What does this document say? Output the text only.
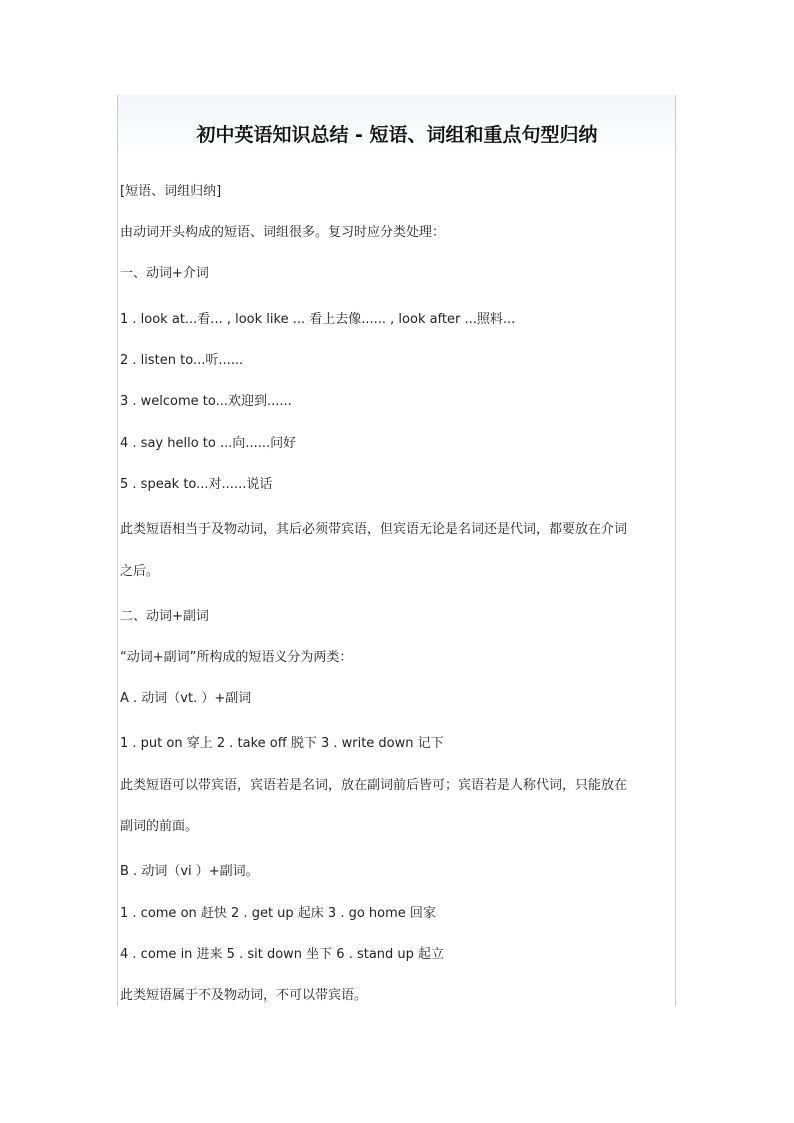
初中英语知识总结 - 短语、词组和重点句型归纳
[短语、词组归纳]
由动词开头构成的短语、词组很多。复习时应分类处理：
一、动词+介词
1 . look at...看... , look like ... 看上去像...... , look after ...照料...
2 . listen to...听......
3 . welcome to...欢迎到......
4 . say hello to ...向......问好
5 . speak to...对......说话
此类短语相当于及物动词，其后必须带宾语，但宾语无论是名词还是代词，都要放在介词
之后。
二、动词+副词
“动词+副词”所构成的短语义分为两类：
A . 动词（vt. ）+副词
1 . put on 穿上 2 . take off 脱下 3 . write down 记下
此类短语可以带宾语，宾语若是名词，放在副词前后皆可；宾语若是人称代词，只能放在
副词的前面。
B . 动词（vi ）+副词。
1 . come on 赶快 2 . get up 起床 3 . go home 回家
4 . come in 进来 5 . sit down 坐下 6 . stand up 起立
此类短语属于不及物动词，不可以带宾语。
